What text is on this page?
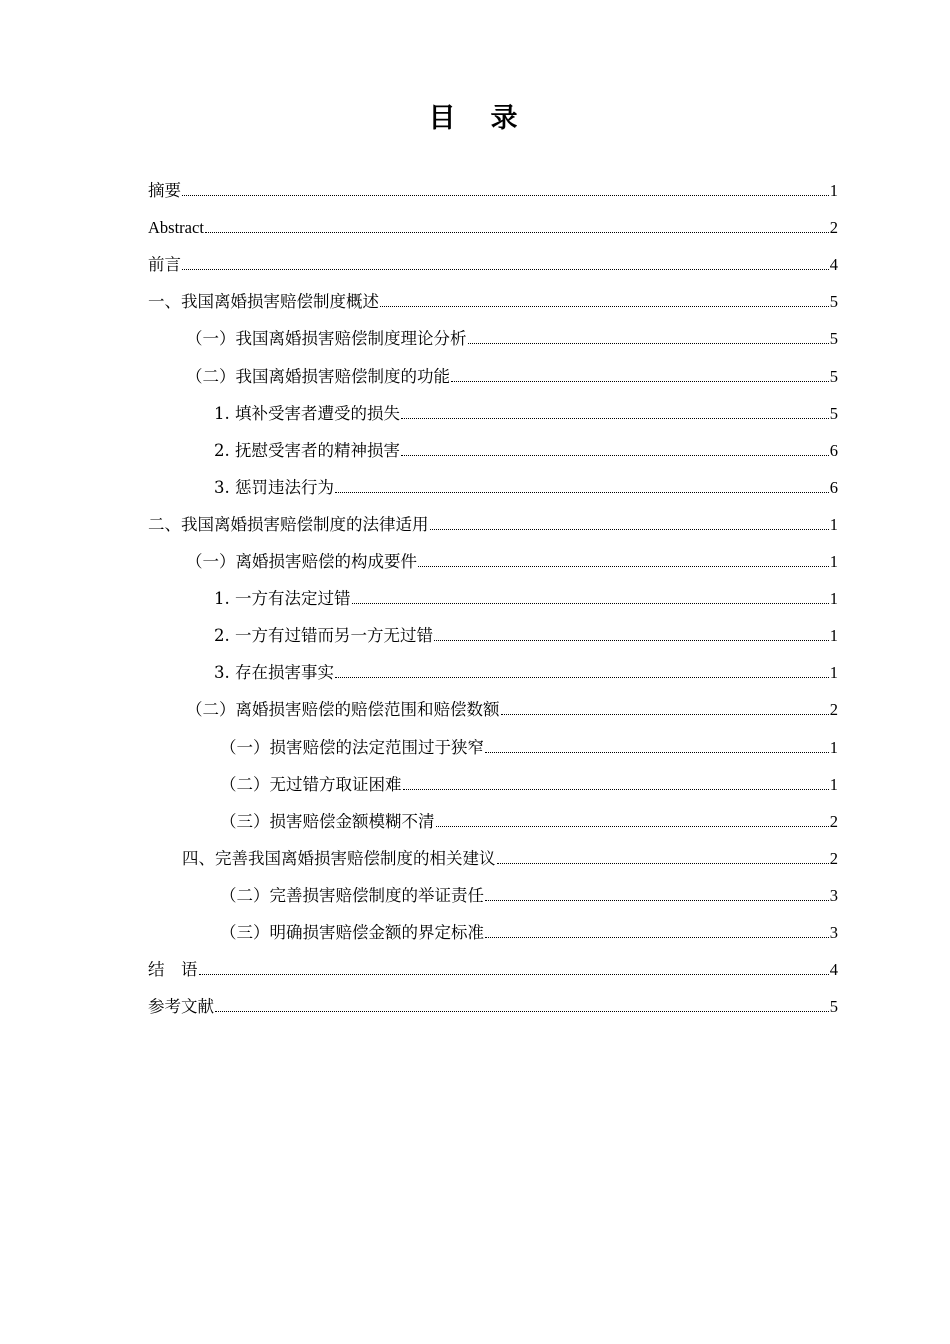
目　录
摘要	1
Abstract	2
前言	4
一、我国离婚损害赔偿制度概述	5
（一）我国离婚损害赔偿制度理论分析	5
（二）我国离婚损害赔偿制度的功能	5
1. 填补受害者遭受的损失	5
2. 抚慰受害者的精神损害	6
3. 惩罚违法行为	6
二、我国离婚损害赔偿制度的法律适用	1
（一）离婚损害赔偿的构成要件	1
1. 一方有法定过错	1
2. 一方有过错而另一方无过错	1
3. 存在损害事实	1
（二）离婚损害赔偿的赔偿范围和赔偿数额	2
（一）损害赔偿的法定范围过于狭窄	1
（二）无过错方取证困难	1
（三）损害赔偿金额模糊不清	2
四、完善我国离婚损害赔偿制度的相关建议	2
（二）完善损害赔偿制度的举证责任	3
（三）明确损害赔偿金额的界定标准	3
结　语	4
参考文献	5
